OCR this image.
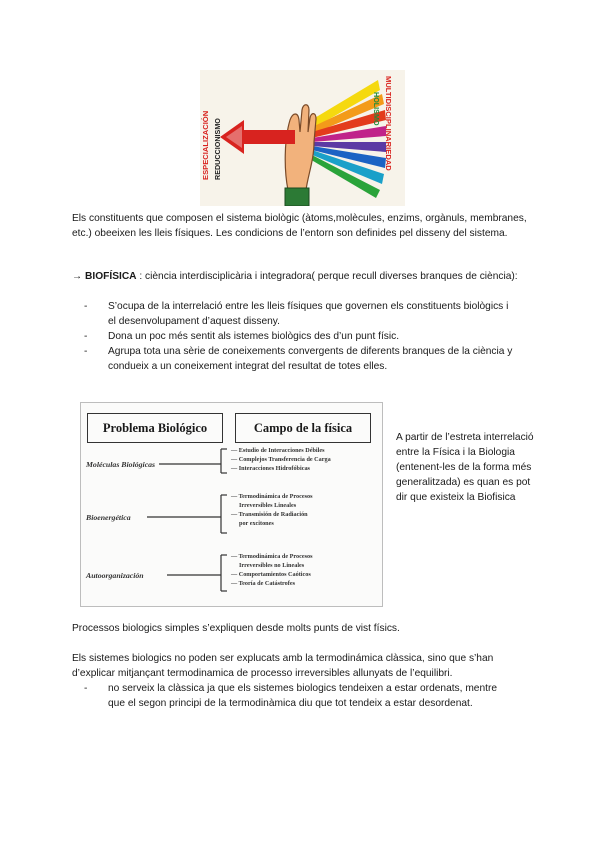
ESPECIALIZACIÓN REDUCCIONISMO	MULTIDISCIPLINARIEDAD
HOLISMO
Els constituents que composen el sistema biològic (àtoms,molècules, enzims, orgànuls, membranes, etc.) obeeixen les lleis físiques. Les condicions de l’entorn son definides pel disseny del sistema.
→ BIOFÍSICA : ciència interdisciplicària i integradora( perque recull diverses branques de ciència):
- S’ocupa de la interrelació entre les lleis físiques que governen els constituents biològics i el desenvolupament d’aquest disseny.
- Dona un poc més sentit als istemes biològics des d’un punt físic.
- Agrupa tota una sèrie de coneixements convergents de diferents branques de la ciència y condueix a un coneixement integrat del resultat de totes elles.
Problema Biológico	Campo de la física
Moléculas Biológicas
— Estudio de Interacciones Débiles
— Complejos Transferencia de Carga
— Interacciones Hidrofóbicas
Bioenergética
— Termodinámica de Procesos
Irreversibles Lineales
— Transmisión de Radiación
por excitones
Autoorganización
— Termodinámica de Procesos
Irreversibles no Lineales
— Comportamientos Caóticos
— Teoría de Catástrofes
A partir de l’estreta interrelació entre la Física i la Biologia (entenent-les de la forma més generalitzada) es quan es pot dir que existeix la Biofisica
Processos biologics simples s’expliquen desde molts punts de vist físics.
Els sistemes biologics no poden ser explucats amb la termodinámica clàssica, sino que s’han d’explicar mitjançant termodinamica de processo irreversibles allunyats de l’equilibri.
- no serveix la clàssica ja que els sistemes biologics tendeixen a estar ordenats, mentre que el segon principi de la termodinàmica diu que tot tendeix a estar desordenat.
